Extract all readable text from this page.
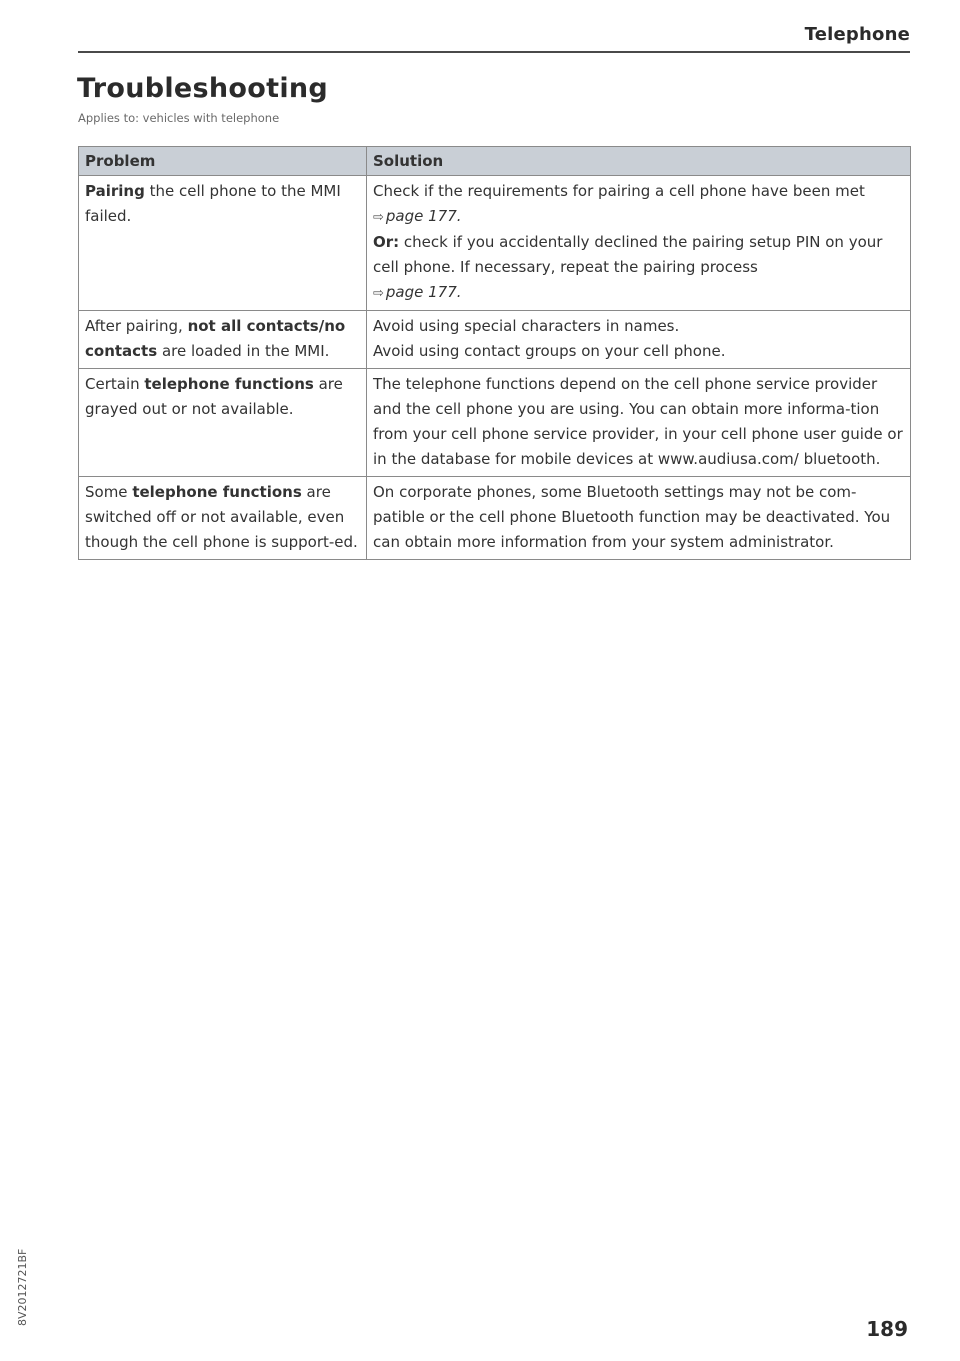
Telephone
Troubleshooting
Applies to: vehicles with telephone
Problem	Solution
Pairing the cell phone to the MMI failed.	Check if the requirements for pairing a cell phone have been met
⇨ page 177.

Or: check if you accidentally declined the pairing setup PIN on your cell phone. If necessary, repeat the pairing process
⇨ page 177.

After pairing, not all contacts/no contacts are loaded in the MMI.	Avoid using special characters in names.

Avoid using contact groups on your cell phone.

Certain telephone functions are grayed out or not available.	The telephone functions depend on the cell phone service provider and the cell phone you are using. You can obtain more informa-tion from your cell phone service provider, in your cell phone user guide or in the database for mobile devices at www.audiusa.com/ bluetooth.
Some telephone functions are switched off or not available, even though the cell phone is support-ed.	On corporate phones, some Bluetooth settings may not be com-patible or the cell phone Bluetooth function may be deactivated. You can obtain more information from your system administrator.
8V2012721BF
189
